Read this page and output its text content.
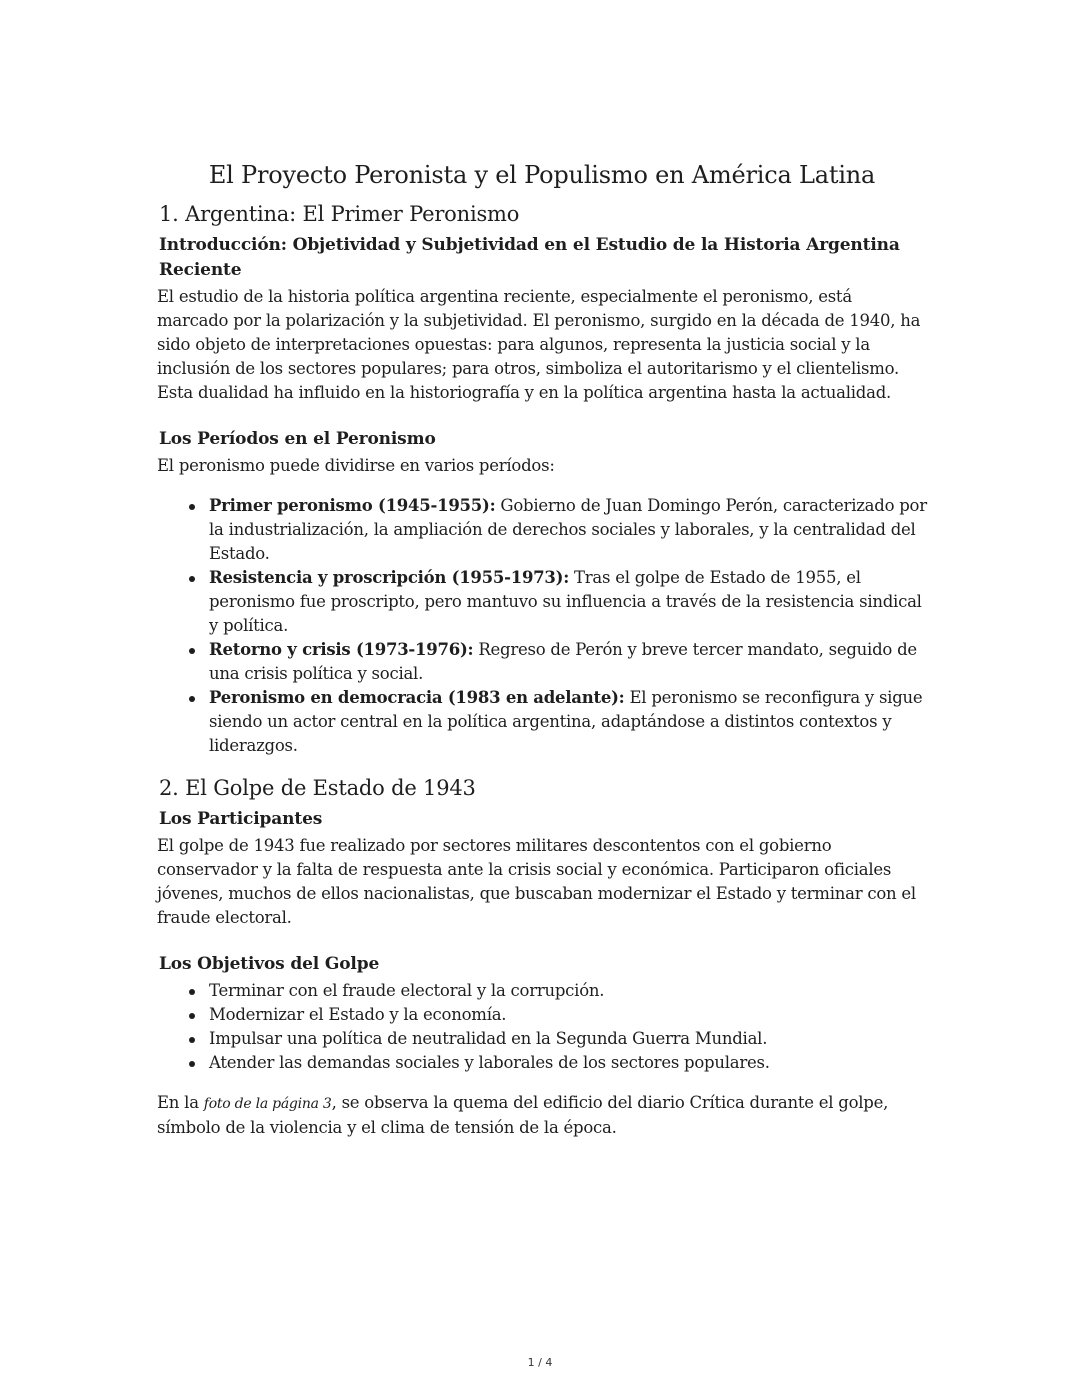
El Proyecto Peronista y el Populismo en América Latina
1. Argentina: El Primer Peronismo
Introducción: Objetividad y Subjetividad en el Estudio de la Historia Argentina Reciente

El estudio de la historia política argentina reciente, especialmente el peronismo, está marcado por la polarización y la subjetividad. El peronismo, surgido en la década de 1940, ha sido objeto de interpretaciones opuestas: para algunos, representa la justicia social y la inclusión de los sectores populares; para otros, simboliza el autoritarismo y el clientelismo. Esta dualidad ha influido en la historiografía y en la política argentina hasta la actualidad.

Los Períodos en el Peronismo

El peronismo puede dividirse en varios períodos:

Primer peronismo (1945-1955): Gobierno de Juan Domingo Perón, caracterizado por la industrialización, la ampliación de derechos sociales y laborales, y la centralidad del Estado.
Resistencia y proscripción (1955-1973): Tras el golpe de Estado de 1955, el peronismo fue proscripto, pero mantuvo su influencia a través de la resistencia sindical y política.
Retorno y crisis (1973-1976): Regreso de Perón y breve tercer mandato, seguido de una crisis política y social.
Peronismo en democracia (1983 en adelante): El peronismo se reconfigura y sigue siendo un actor central en la política argentina, adaptándose a distintos contextos y liderazgos.
2. El Golpe de Estado de 1943
Los Participantes

El golpe de 1943 fue realizado por sectores militares descontentos con el gobierno conservador y la falta de respuesta ante la crisis social y económica. Participaron oficiales jóvenes, muchos de ellos nacionalistas, que buscaban modernizar el Estado y terminar con el fraude electoral.

Los Objetivos del Golpe
Terminar con el fraude electoral y la corrupción.
Modernizar el Estado y la economía.
Impulsar una política de neutralidad en la Segunda Guerra Mundial.
Atender las demandas sociales y laborales de los sectores populares.

En la foto de la página 3, se observa la quema del edificio del diario Crítica durante el golpe, símbolo de la violencia y el clima de tensión de la época.

1 / 4
